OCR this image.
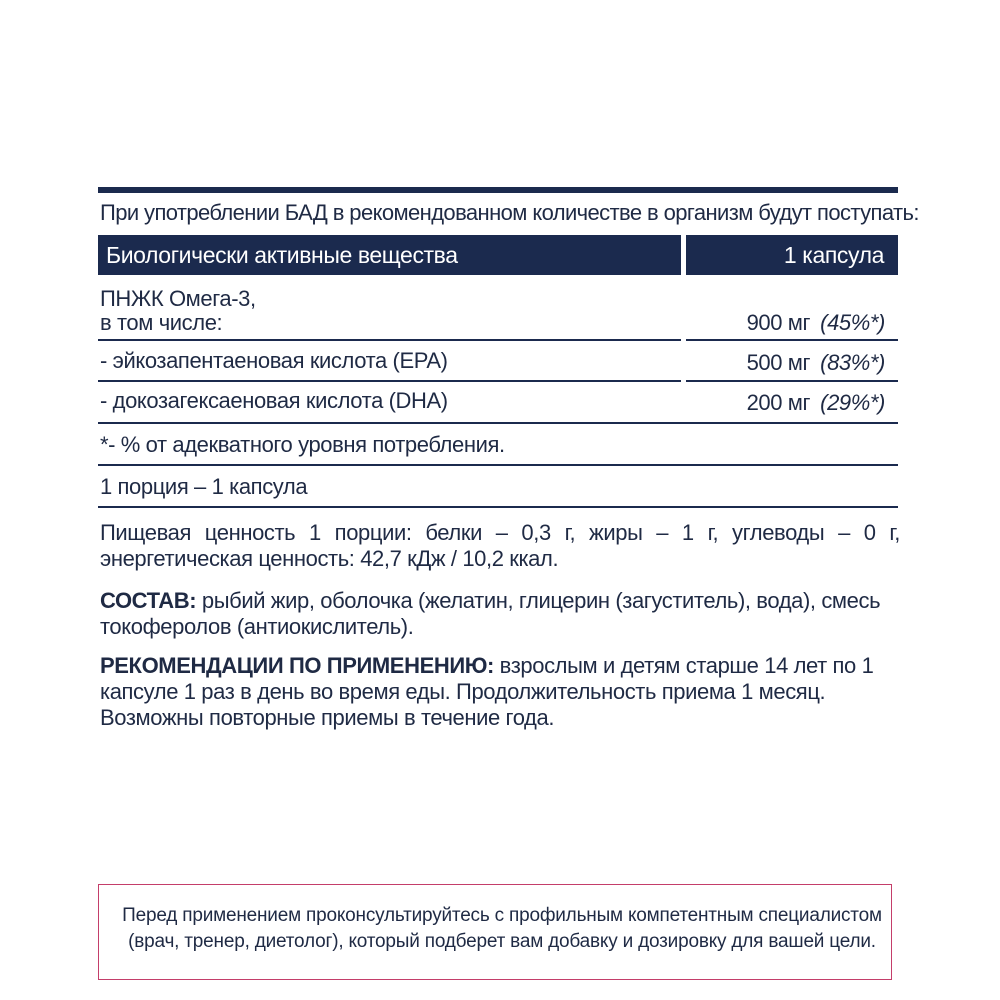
При употреблении БАД в рекомендованном количестве в организм будут поступать:
Биологически активные вещества	1 капсула
ПНЖК Омега-3,
в том числе:	900 мг (45%*)
- эйкозапентаеновая кислота (EPA)	500 мг (83%*)
- докозагексаеновая кислота (DHA)	200 мг (29%*)
*- % от адекватного уровня потребления.
1 порция – 1 капсула
Пищевая ценность 1 порции: белки – 0,3 г, жиры – 1 г, углеводы – 0 г, энергетическая ценность: 42,7 кДж / 10,2 ккал.
СОСТАВ: рыбий жир, оболочка (желатин, глицерин (загуститель), вода), смесь токоферолов (антиокислитель).
РЕКОМЕНДАЦИИ ПО ПРИМЕНЕНИЮ: взрослым и детям старше 14 лет по 1 капсуле 1 раз в день во время еды. Продолжительность приема 1 месяц. Возможны повторные приемы в течение года.
Перед применением проконсультируйтесь с профильным компетентным специалистом (врач, тренер, диетолог), который подберет вам добавку и дозировку для вашей цели.
